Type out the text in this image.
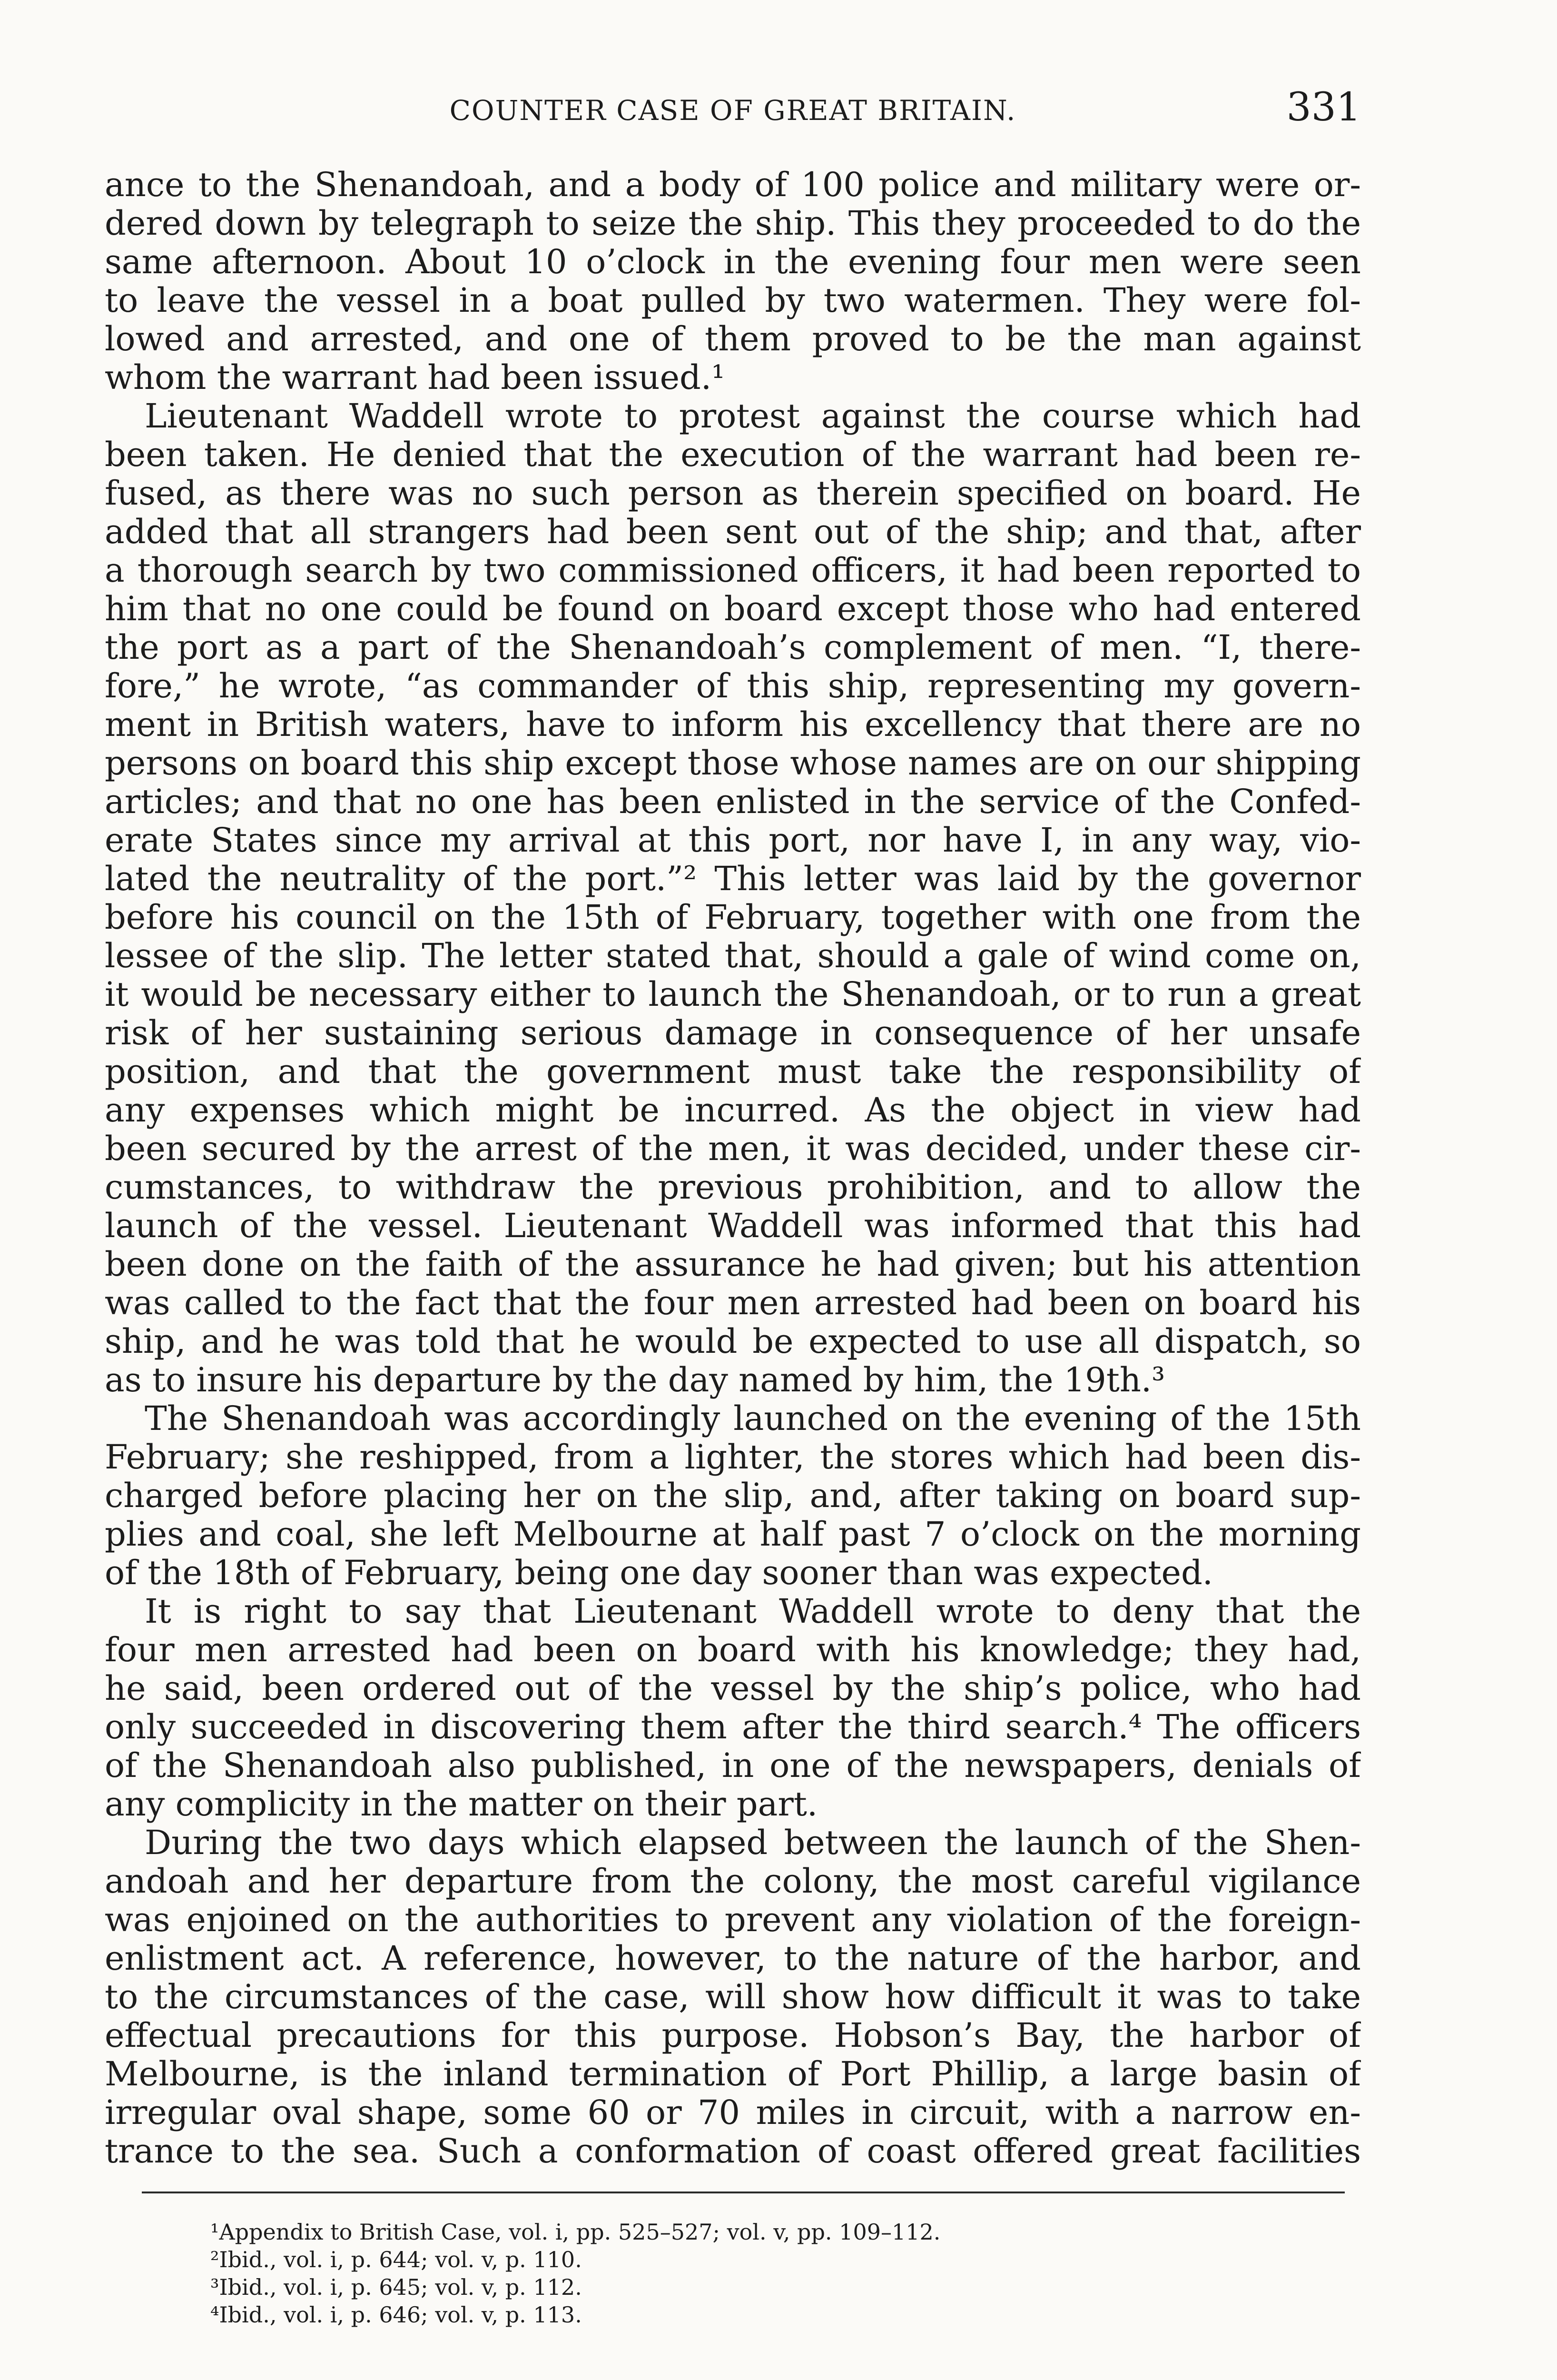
COUNTER CASE OF GREAT BRITAIN.	331
ance to the Shenandoah, and a body of 100 police and military were or-
dered down by telegraph to seize the ship. This they proceeded to do the
same afternoon. About 10 o’clock in the evening four men were seen
to leave the vessel in a boat pulled by two watermen. They were fol-
lowed and arrested, and one of them proved to be the man against
whom the warrant had been issued.¹
Lieutenant Waddell wrote to protest against the course which had
been taken. He denied that the execution of the warrant had been re-
fused, as there was no such person as therein specified on board. He
added that all strangers had been sent out of the ship; and that, after
a thorough search by two commissioned officers, it had been reported to
him that no one could be found on board except those who had entered
the port as a part of the Shenandoah’s complement of men. “I, there-
fore,” he wrote, “as commander of this ship, representing my govern-
ment in British waters, have to inform his excellency that there are no
persons on board this ship except those whose names are on our shipping
articles; and that no one has been enlisted in the service of the Confed-
erate States since my arrival at this port, nor have I, in any way, vio-
lated the neutrality of the port.”² This letter was laid by the governor
before his council on the 15th of February, together with one from the
lessee of the slip. The letter stated that, should a gale of wind come on,
it would be necessary either to launch the Shenandoah, or to run a great
risk of her sustaining serious damage in consequence of her unsafe
position, and that the government must take the responsibility of
any expenses which might be incurred. As the object in view had
been secured by the arrest of the men, it was decided, under these cir-
cumstances, to withdraw the previous prohibition, and to allow the
launch of the vessel. Lieutenant Waddell was informed that this had
been done on the faith of the assurance he had given; but his attention
was called to the fact that the four men arrested had been on board his
ship, and he was told that he would be expected to use all dispatch, so
as to insure his departure by the day named by him, the 19th.³
The Shenandoah was accordingly launched on the evening of the 15th
February; she reshipped, from a lighter, the stores which had been dis-
charged before placing her on the slip, and, after taking on board sup-
plies and coal, she left Melbourne at half past 7 o’clock on the morning
of the 18th of February, being one day sooner than was expected.
It is right to say that Lieutenant Waddell wrote to deny that the
four men arrested had been on board with his knowledge; they had,
he said, been ordered out of the vessel by the ship’s police, who had
only succeeded in discovering them after the third search.⁴ The officers
of the Shenandoah also published, in one of the newspapers, denials of
any complicity in the matter on their part.
During the two days which elapsed between the launch of the Shen-
andoah and her departure from the colony, the most careful vigilance
was enjoined on the authorities to prevent any violation of the foreign-
enlistment act. A reference, however, to the nature of the harbor, and
to the circumstances of the case, will show how difficult it was to take
effectual precautions for this purpose. Hobson’s Bay, the harbor of
Melbourne, is the inland termination of Port Phillip, a large basin of
irregular oval shape, some 60 or 70 miles in circuit, with a narrow en-
trance to the sea. Such a conformation of coast offered great facilities
¹Appendix to British Case, vol. i, pp. 525–527; vol. v, pp. 109–112.
²Ibid., vol. i, p. 644; vol. v, p. 110.
³Ibid., vol. i, p. 645; vol. v, p. 112.
⁴Ibid., vol. i, p. 646; vol. v, p. 113.
